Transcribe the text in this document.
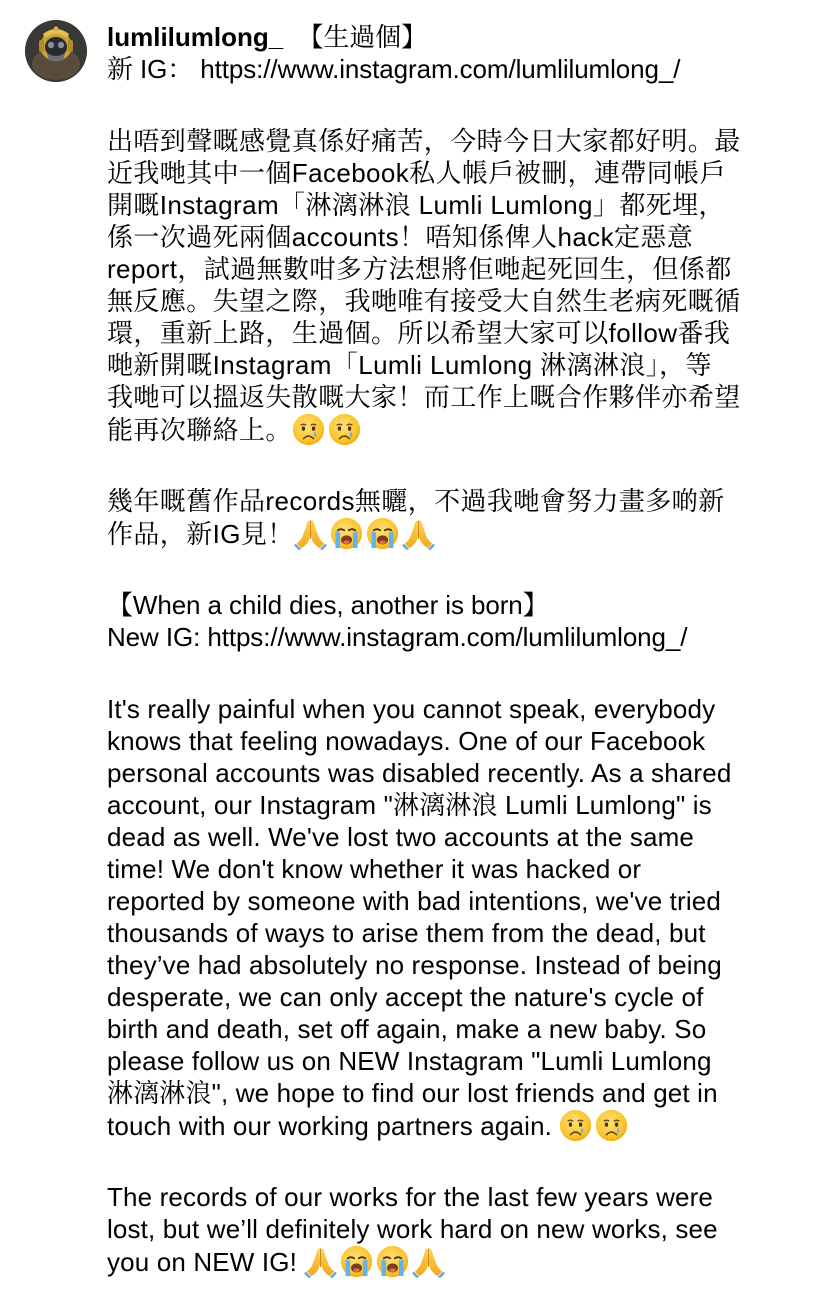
lumlilumlong_ 【生過個】
新 IG： https://www.instagram.com/lumlilumlong_/
出唔到聲嘅感覺真係好痛苦，今時今日大家都好明。最
近我哋其中一個Facebook私人帳戶被刪，連帶同帳戶
開嘅Instagram「淋漓淋浪 Lumli Lumlong」都死埋，
係一次過死兩個accounts！唔知係俾人hack定惡意
report，試過無數咁多方法想將佢哋起死回生，但係都
無反應。失望之際，我哋唯有接受大自然生老病死嘅循
環，重新上路，生過個。所以希望大家可以follow番我
哋新開嘅Instagram「Lumli Lumlong 淋漓淋浪」，等
我哋可以搵返失散嘅大家！而工作上嘅合作夥伴亦希望
能再次聯絡上。
幾年嘅舊作品records無曬，不過我哋會努力畫多啲新
作品，新IG見！
【When a child dies, another is born】
New IG: https://www.instagram.com/lumlilumlong_/
It's really painful when you cannot speak, everybody
knows that feeling nowadays. One of our Facebook
personal accounts was disabled recently. As a shared
account, our Instagram "淋漓淋浪 Lumli Lumlong" is
dead as well. We've lost two accounts at the same
time! We don't know whether it was hacked or
reported by someone with bad intentions, we've tried
thousands of ways to arise them from the dead, but
they’ve had absolutely no response. Instead of being
desperate, we can only accept the nature's cycle of
birth and death, set off again, make a new baby. So
please follow us on NEW Instagram "Lumli Lumlong
淋漓淋浪", we hope to find our lost friends and get in
touch with our working partners again.
The records of our works for the last few years were
lost, but we’ll definitely work hard on new works, see
you on NEW IG!
